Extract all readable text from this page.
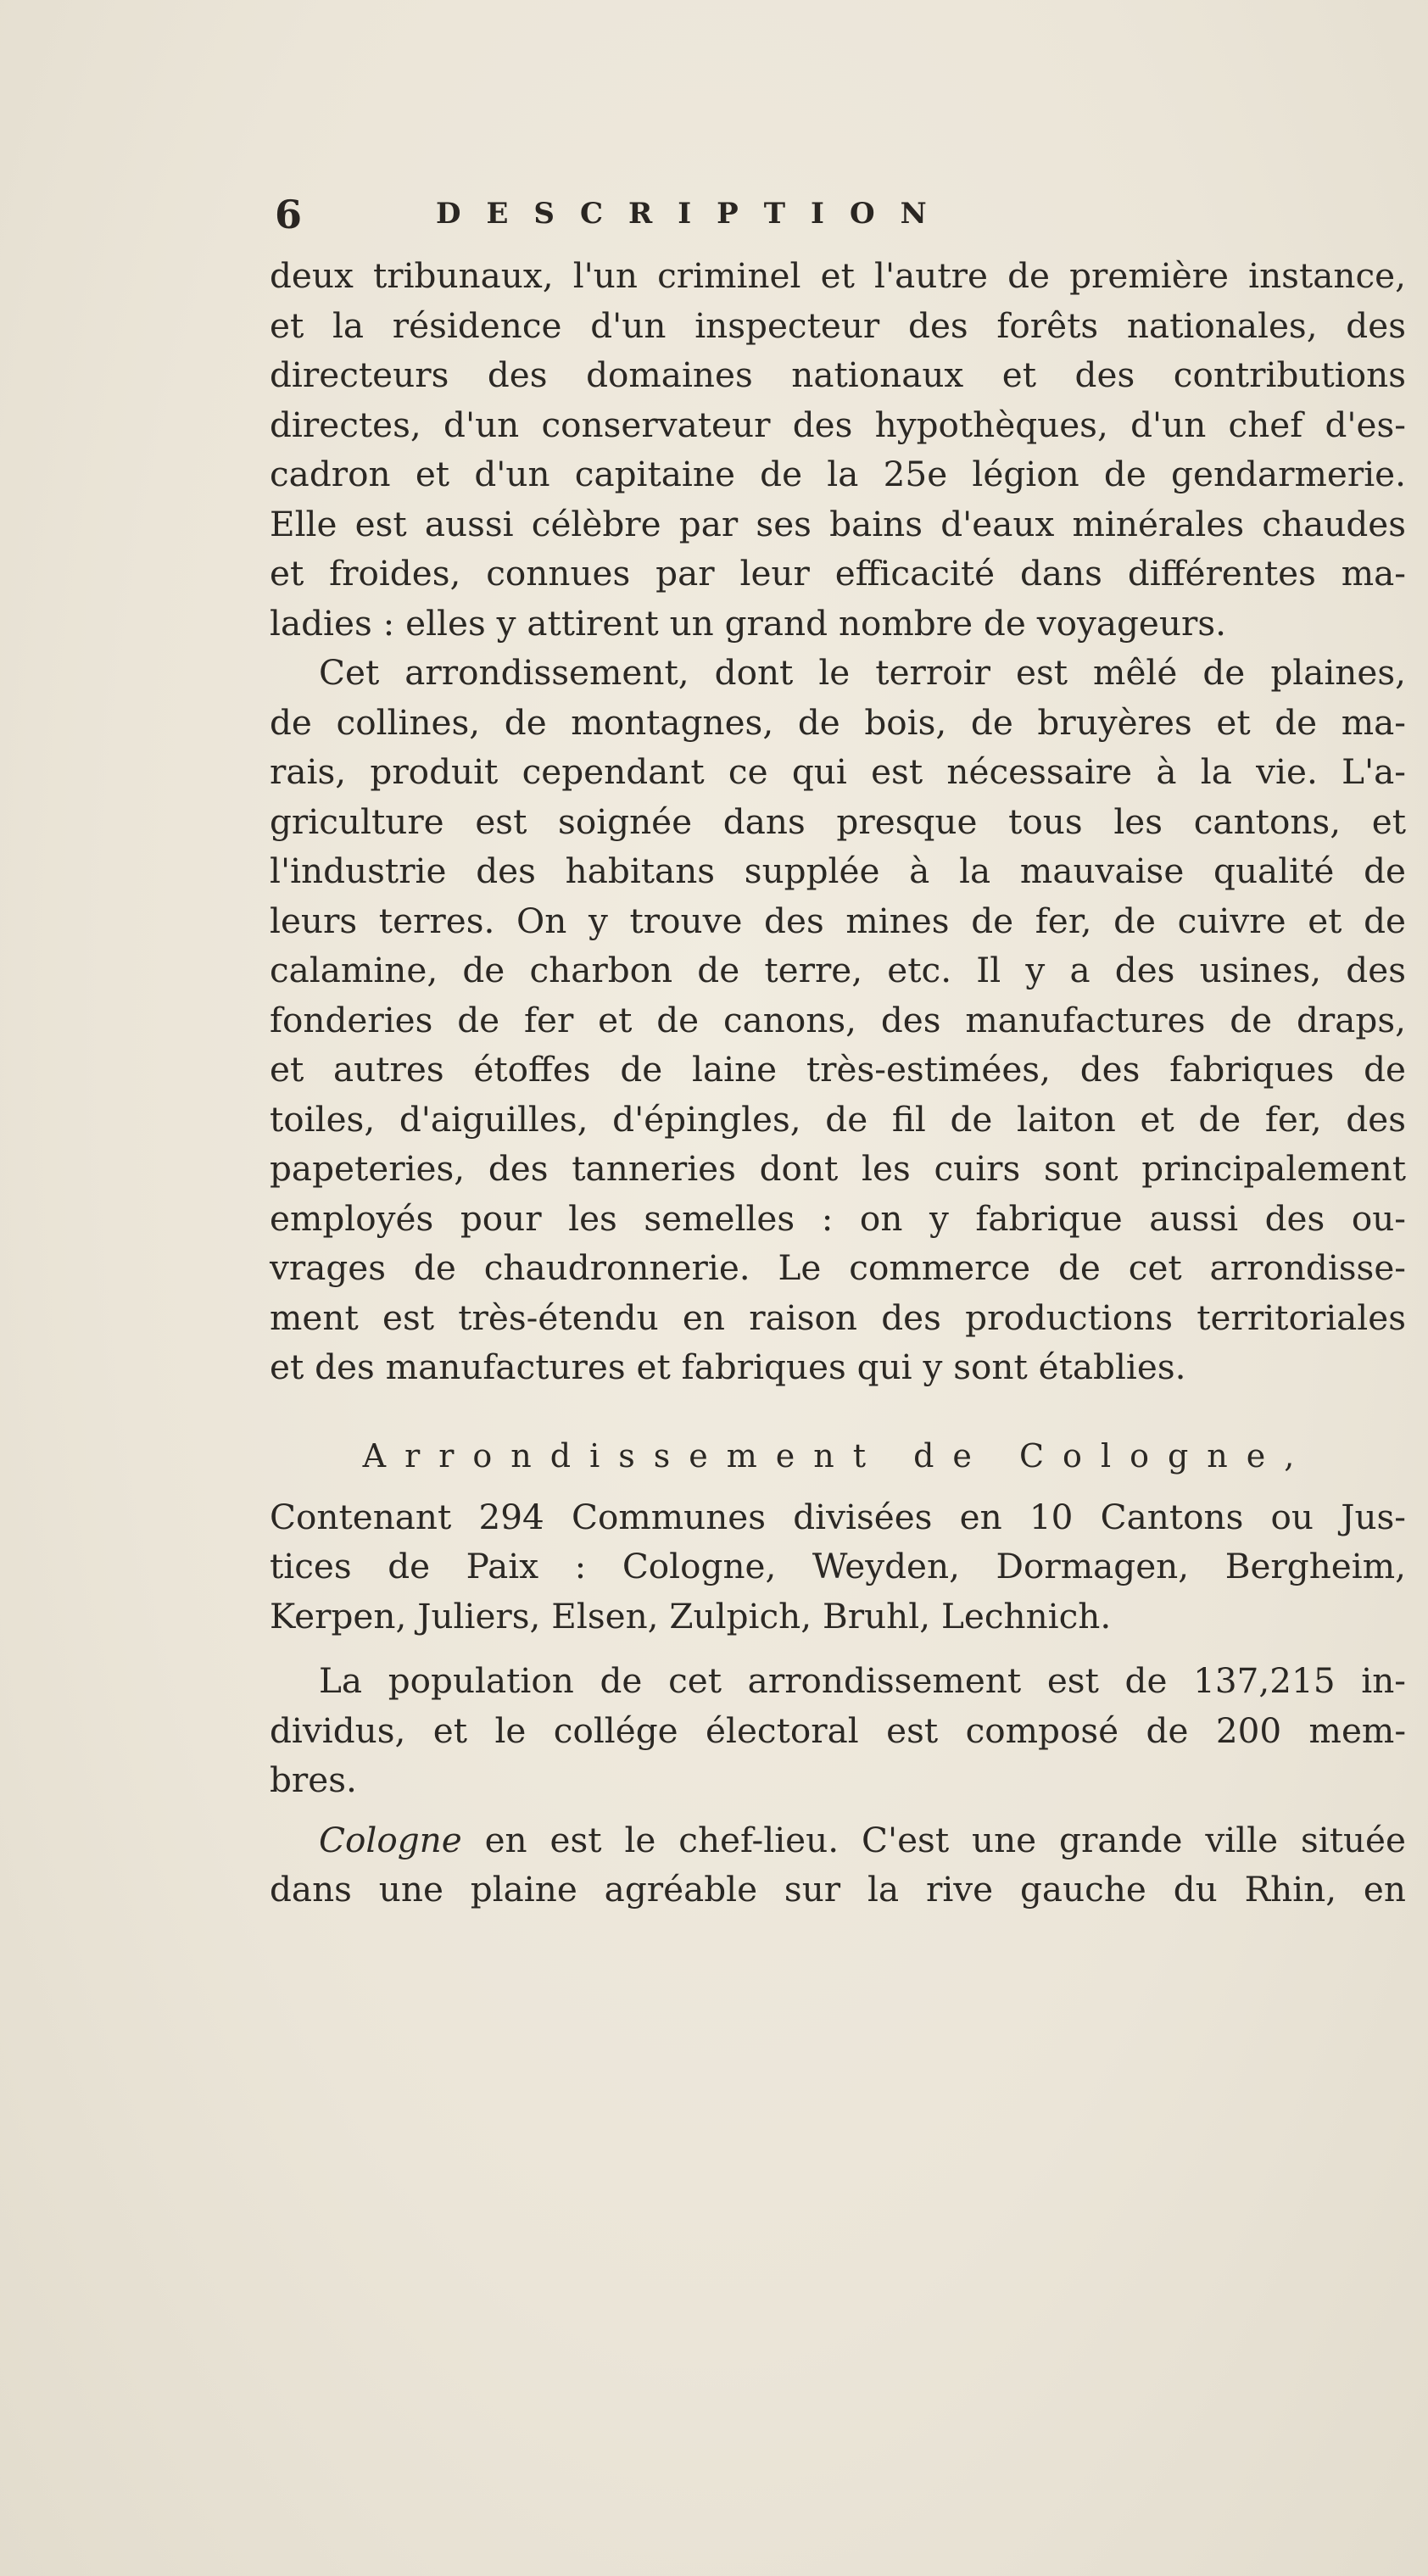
6	DESCRIPTION
deux tribunaux, l'un criminel et l'autre de première instance,
et la résidence d'un inspecteur des forêts nationales, des
directeurs des domaines nationaux et des contributions
directes, d'un conservateur des hypothèques, d'un chef d'es-
cadron et d'un capitaine de la 25e légion de gendarmerie.
Elle est aussi célèbre par ses bains d'eaux minérales chaudes
et froides, connues par leur efficacité dans différentes ma-
ladies : elles y attirent un grand nombre de voyageurs.
Cet arrondissement, dont le terroir est mêlé de plaines,
de collines, de montagnes, de bois, de bruyères et de ma-
rais, produit cependant ce qui est nécessaire à la vie. L'a-
griculture est soignée dans presque tous les cantons, et
l'industrie des habitans supplée à la mauvaise qualité de
leurs terres. On y trouve des mines de fer, de cuivre et de
calamine, de charbon de terre, etc. Il y a des usines, des
fonderies de fer et de canons, des manufactures de draps,
et autres étoffes de laine très-estimées, des fabriques de
toiles, d'aiguilles, d'épingles, de fil de laiton et de fer, des
papeteries, des tanneries dont les cuirs sont principalement
employés pour les semelles : on y fabrique aussi des ou-
vrages de chaudronnerie. Le commerce de cet arrondisse-
ment est très-étendu en raison des productions territoriales
et des manufactures et fabriques qui y sont établies.
Arrondissement de Cologne,
Contenant 294 Communes divisées en 10 Cantons ou Jus-
tices de Paix : Cologne, Weyden, Dormagen, Bergheim,
Kerpen, Juliers, Elsen, Zulpich, Bruhl, Lechnich.
La population de cet arrondissement est de 137,215 in-
dividus, et le collége électoral est composé de 200 mem-
bres.
Cologne en est le chef-lieu. C'est une grande ville située
dans une plaine agréable sur la rive gauche du Rhin, en
